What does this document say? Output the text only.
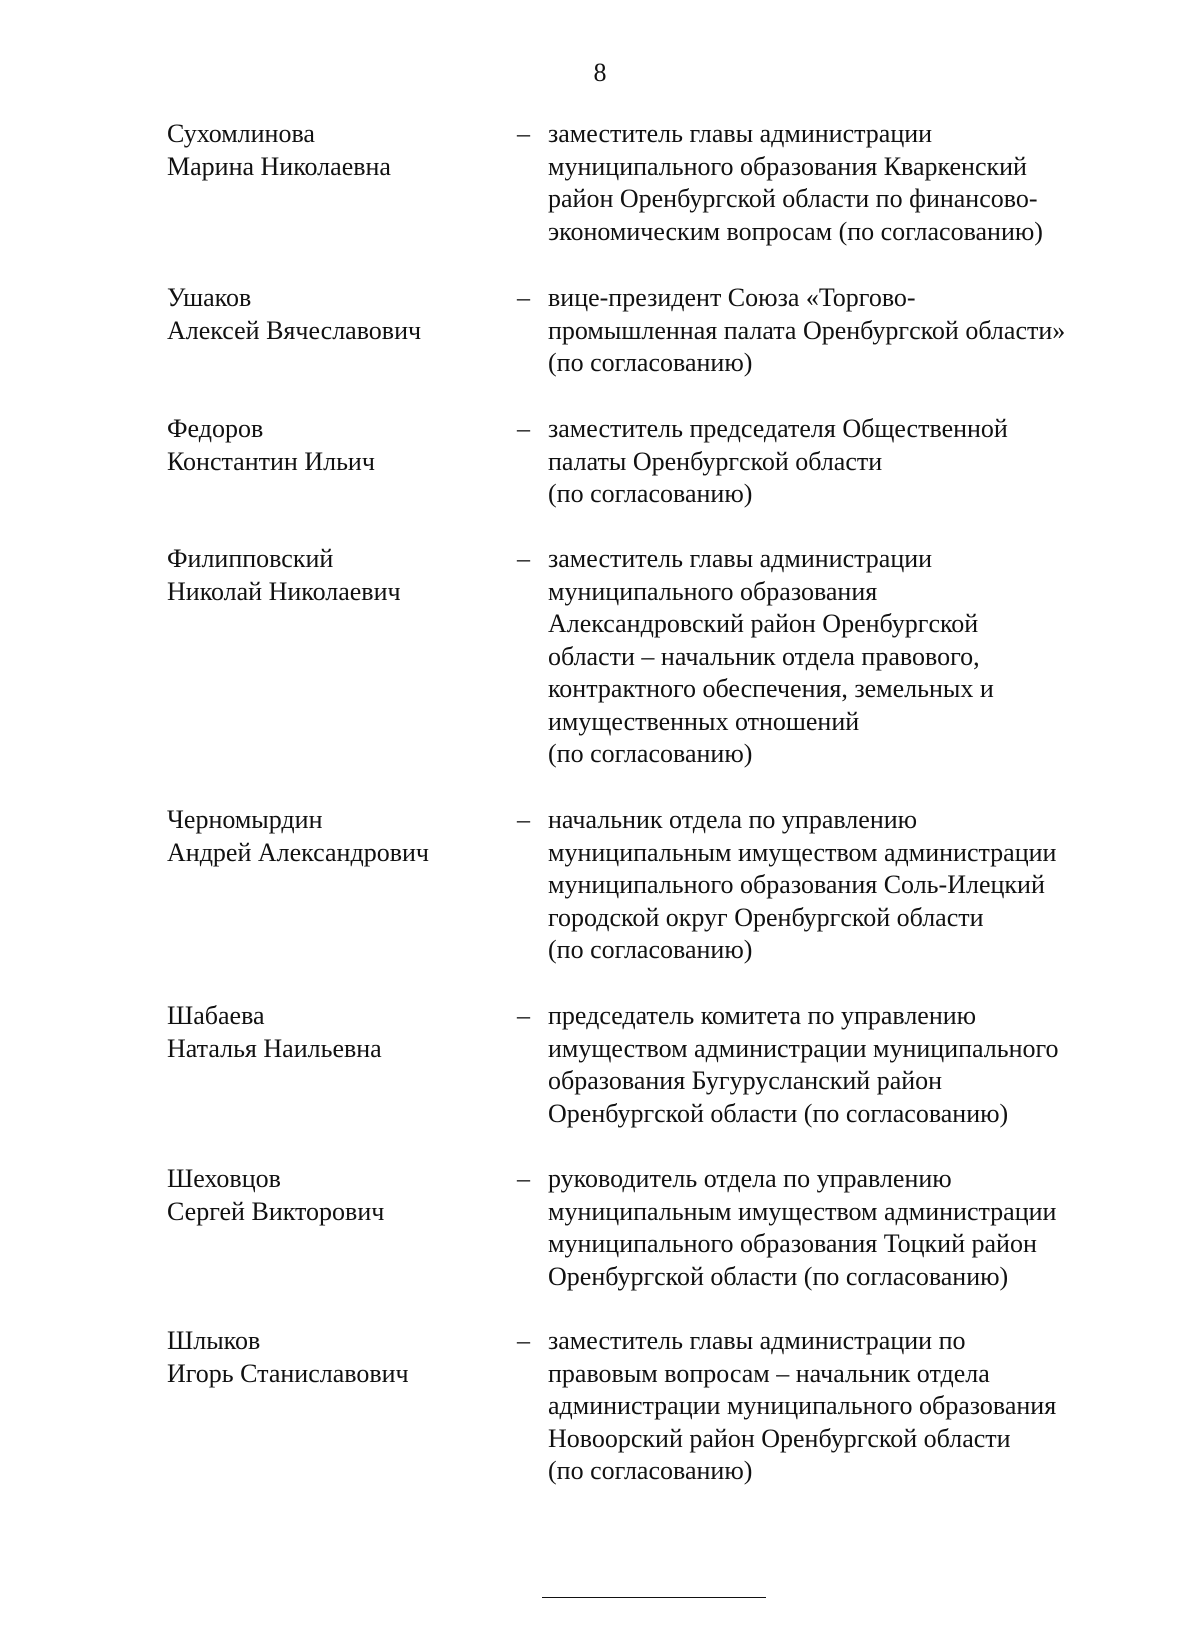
8
Сухомлинова
Марина Николаевна
– заместитель главы администрации
муниципального образования Кваркенский
район Оренбургской области по финансово-
экономическим вопросам (по согласованию)
Ушаков
Алексей Вячеславович
– вице-президент Союза «Торгово-
промышленная палата Оренбургской области»
(по согласованию)
Федоров
Константин Ильич
– заместитель председателя Общественной
палаты Оренбургской области
(по согласованию)
Филипповский
Николай Николаевич
– заместитель главы администрации
муниципального образования
Александровский район Оренбургской
области – начальник отдела правового,
контрактного обеспечения, земельных и
имущественных отношений
(по согласованию)
Черномырдин
Андрей Александрович
– начальник отдела по управлению
муниципальным имуществом администрации
муниципального образования Соль-Илецкий
городской округ Оренбургской области
(по согласованию)
Шабаева
Наталья Наильевна
– председатель комитета по управлению
имуществом администрации муниципального
образования Бугурусланский район
Оренбургской области (по согласованию)
Шеховцов
Сергей Викторович
– руководитель отдела по управлению
муниципальным имуществом администрации
муниципального образования Тоцкий район
Оренбургской области (по согласованию)
Шлыков
Игорь Станиславович
– заместитель главы администрации по
правовым вопросам – начальник отдела
администрации муниципального образования
Новоорский район Оренбургской области
(по согласованию)
